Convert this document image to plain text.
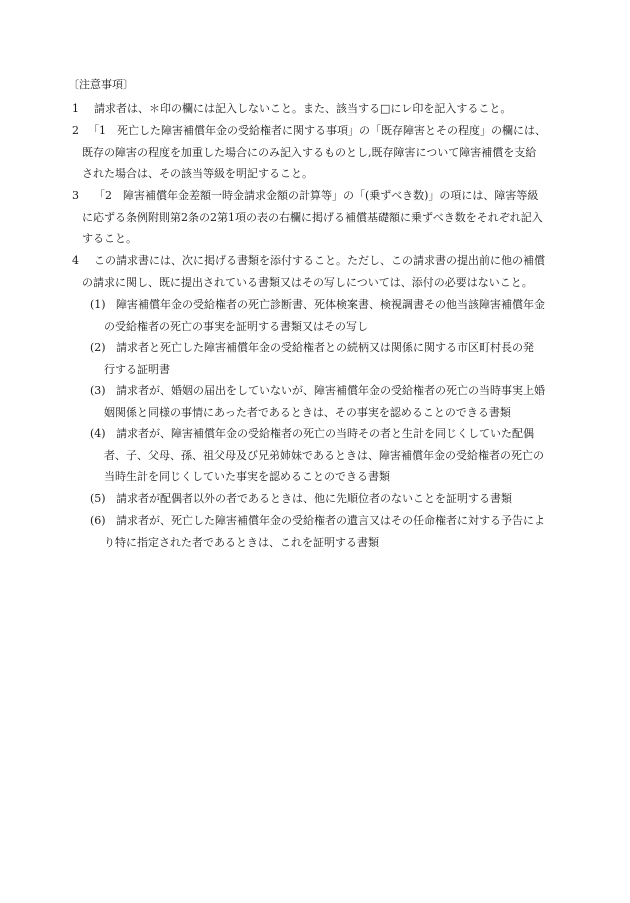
〔注意事項〕
1 請求者は、＊印の欄には記入しないこと。また、該当する□にレ印を記入すること。
2 「1　死亡した障害補償年金の受給権者に関する事項」の「既存障害とその程度」の欄には、
既存の障害の程度を加重した場合にのみ記入するものとし,既存障害について障害補償を支給
された場合は、その該当等級を明記すること。
3 「2　障害補償年金差額一時金請求金額の計算等」の「(乗ずべき数)」の項には、障害等級
に応ずる条例附則第2条の2第1項の表の右欄に掲げる補償基礎額に乗ずべき数をそれぞれ記入
すること。
4 この請求書には、次に掲げる書類を添付すること。ただし、この請求書の提出前に他の補償
の請求に関し、既に提出されている書類又はその写しについては、添付の必要はないこと。
(1) 障害補償年金の受給権者の死亡診断書、死体検案書、検視調書その他当該障害補償年金
の受給権者の死亡の事実を証明する書類又はその写し
(2) 請求者と死亡した障害補償年金の受給権者との続柄又は関係に関する市区町村長の発
行する証明書
(3) 請求者が、婚姻の届出をしていないが、障害補償年金の受給権者の死亡の当時事実上婚
姻関係と同様の事情にあった者であるときは、その事実を認めることのできる書類
(4) 請求者が、障害補償年金の受給権者の死亡の当時その者と生計を同じくしていた配偶
者、子、父母、孫、祖父母及び兄弟姉妹であるときは、障害補償年金の受給権者の死亡の
当時生計を同じくしていた事実を認めることのできる書類
(5) 請求者が配偶者以外の者であるときは、他に先順位者のないことを証明する書類
(6) 請求者が、死亡した障害補償年金の受給権者の遺言又はその任命権者に対する予告によ
り特に指定された者であるときは、これを証明する書類
